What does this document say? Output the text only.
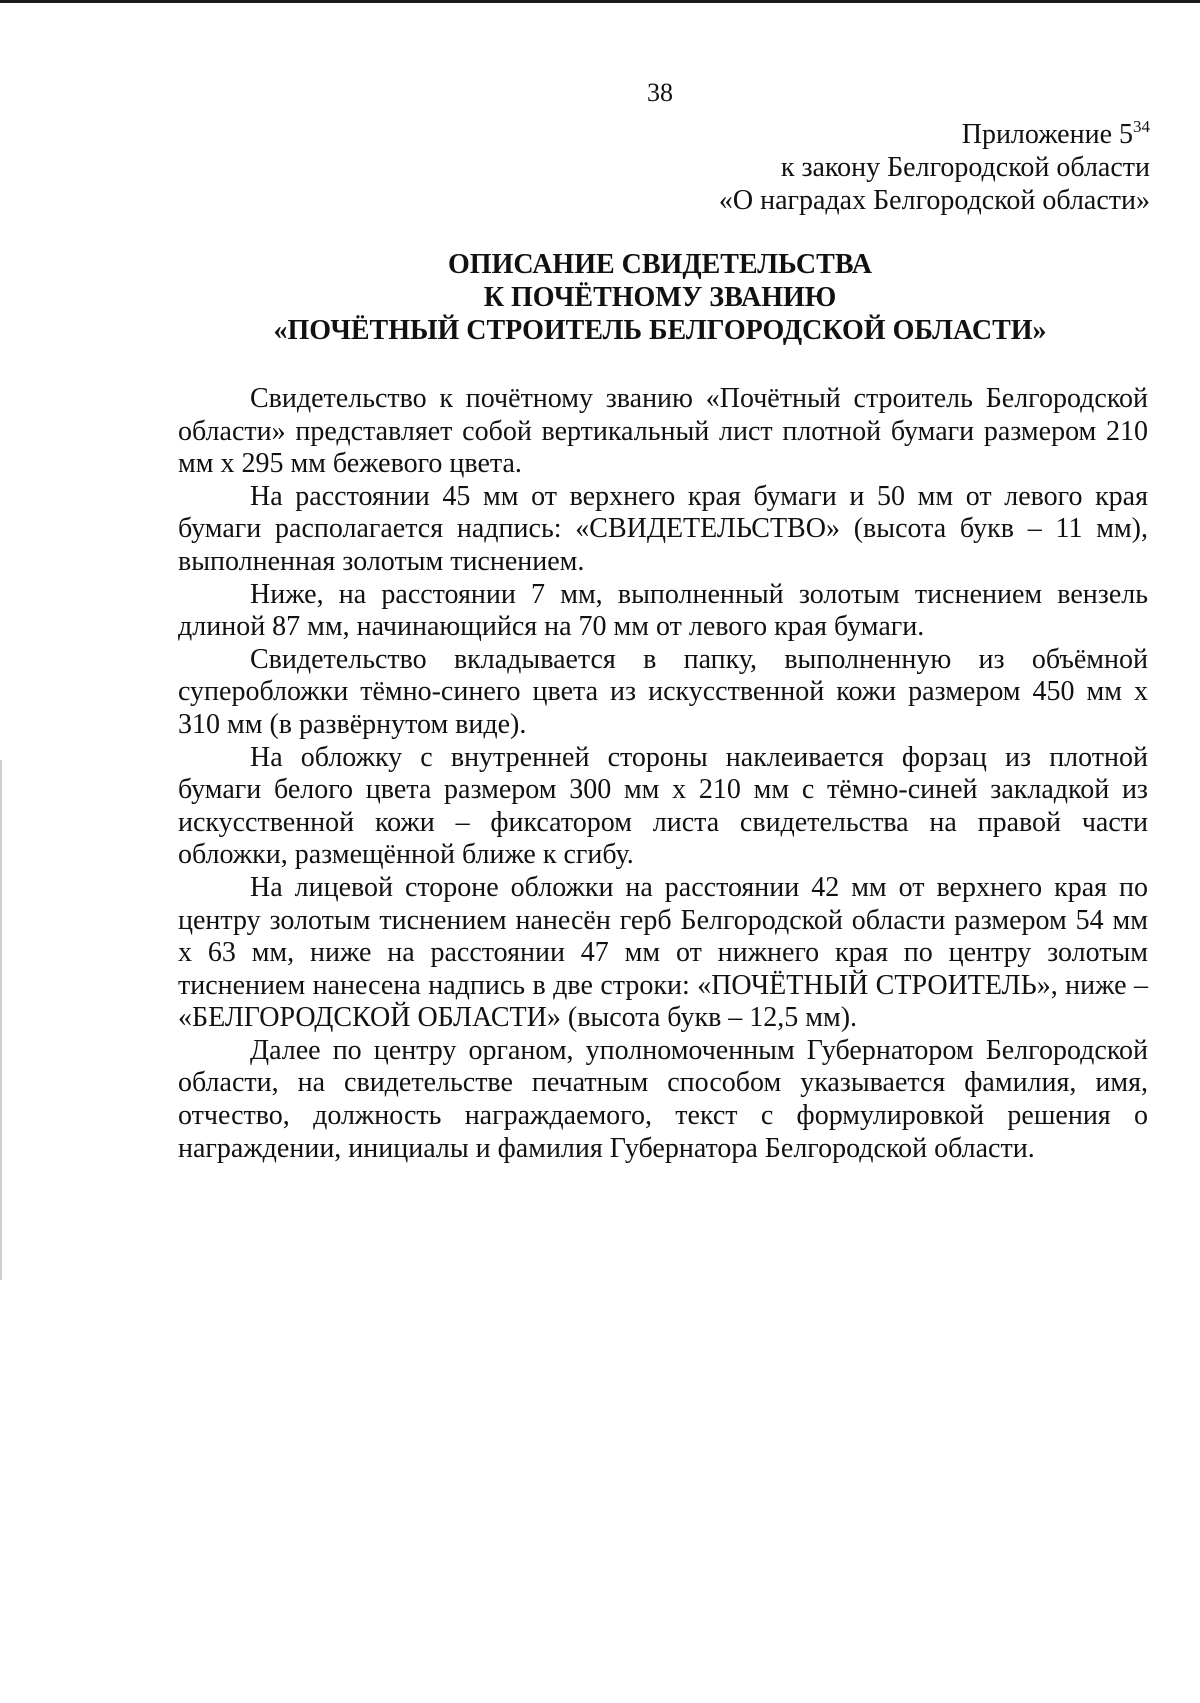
38
Приложение $5^{34}$
к закону Белгородской области
«О наградах Белгородской области»
ОПИСАНИЕ СВИДЕТЕЛЬСТВА
К ПОЧЁТНОМУ ЗВАНИЮ
«ПОЧЁТНЫЙ СТРОИТЕЛЬ БЕЛГОРОДСКОЙ ОБЛАСТИ»

Свидетельство к почётному званию «Почётный строитель Белгородской области» представляет собой вертикальный лист плотной бумаги размером 210 мм х 295 мм бежевого цвета.

На расстоянии 45 мм от верхнего края бумаги и 50 мм от левого края бумаги располагается надпись: «СВИДЕТЕЛЬСТВО» (высота букв – 11 мм), выполненная золотым тиснением.

Ниже, на расстоянии 7 мм, выполненный золотым тиснением вензель длиной 87 мм, начинающийся на 70 мм от левого края бумаги.

Свидетельство вкладывается в папку, выполненную из объёмной суперобложки тёмно-синего цвета из искусственной кожи размером 450 мм х 310 мм (в развёрнутом виде).

На обложку с внутренней стороны наклеивается форзац из плотной бумаги белого цвета размером 300 мм х 210 мм с тёмно-синей закладкой из искусственной кожи – фиксатором листа свидетельства на правой части обложки, размещённой ближе к сгибу.

На лицевой стороне обложки на расстоянии 42 мм от верхнего края по центру золотым тиснением нанесён герб Белгородской области размером 54 мм х 63 мм, ниже на расстоянии 47 мм от нижнего края по центру золотым тиснением нанесена надпись в две строки: «ПОЧЁТНЫЙ СТРОИТЕЛЬ», ниже – «БЕЛГОРОДСКОЙ ОБЛАСТИ» (высота букв – 12,5 мм).

Далее по центру органом, уполномоченным Губернатором Белгородской области, на свидетельстве печатным способом указывается фамилия, имя, отчество, должность награждаемого, текст с формулировкой решения о награждении, инициалы и фамилия Губернатора Белгородской области.
